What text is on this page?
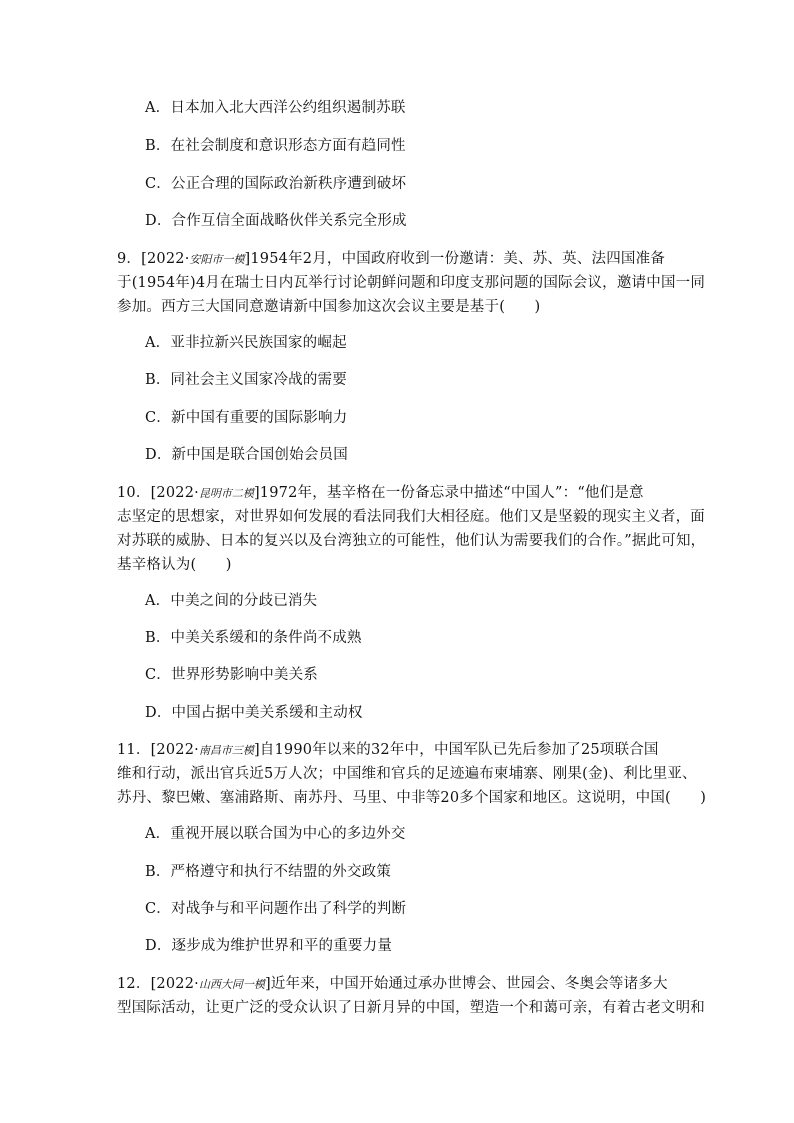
A．日本加入北大西洋公约组织遏制苏联
B．在社会制度和意识形态方面有趋同性
C．公正合理的国际政治新秩序遭到破坏
D．合作互信全面战略伙伴关系完全形成
9．[2022·安阳市一模]1954年2月，中国政府收到一份邀请：美、苏、英、法四国准备
于(1954年)4月在瑞士日内瓦举行讨论朝鲜问题和印度支那问题的国际会议，邀请中国一同
参加。西方三大国同意邀请新中国参加这次会议主要是基于(　　)
A．亚非拉新兴民族国家的崛起
B．同社会主义国家冷战的需要
C．新中国有重要的国际影响力
D．新中国是联合国创始会员国
10．[2022·昆明市二模]1972年，基辛格在一份备忘录中描述“中国人”：“他们是意
志坚定的思想家，对世界如何发展的看法同我们大相径庭。他们又是坚毅的现实主义者，面
对苏联的威胁、日本的复兴以及台湾独立的可能性，他们认为需要我们的合作。”据此可知，
基辛格认为(　　)
A．中美之间的分歧已消失
B．中美关系缓和的条件尚不成熟
C．世界形势影响中美关系
D．中国占据中美关系缓和主动权
11．[2022·南昌市三模]自1990年以来的32年中，中国军队已先后参加了25项联合国
维和行动，派出官兵近5万人次；中国维和官兵的足迹遍布柬埔寨、刚果(金)、利比里亚、
苏丹、黎巴嫩、塞浦路斯、南苏丹、马里、中非等20多个国家和地区。这说明，中国(　　)
A．重视开展以联合国为中心的多边外交
B．严格遵守和执行不结盟的外交政策
C．对战争与和平问题作出了科学的判断
D．逐步成为维护世界和平的重要力量
12．[2022·山西大同一模]近年来，中国开始通过承办世博会、世园会、冬奥会等诸多大
型国际活动，让更广泛的受众认识了日新月异的中国，塑造一个和蔼可亲，有着古老文明和
